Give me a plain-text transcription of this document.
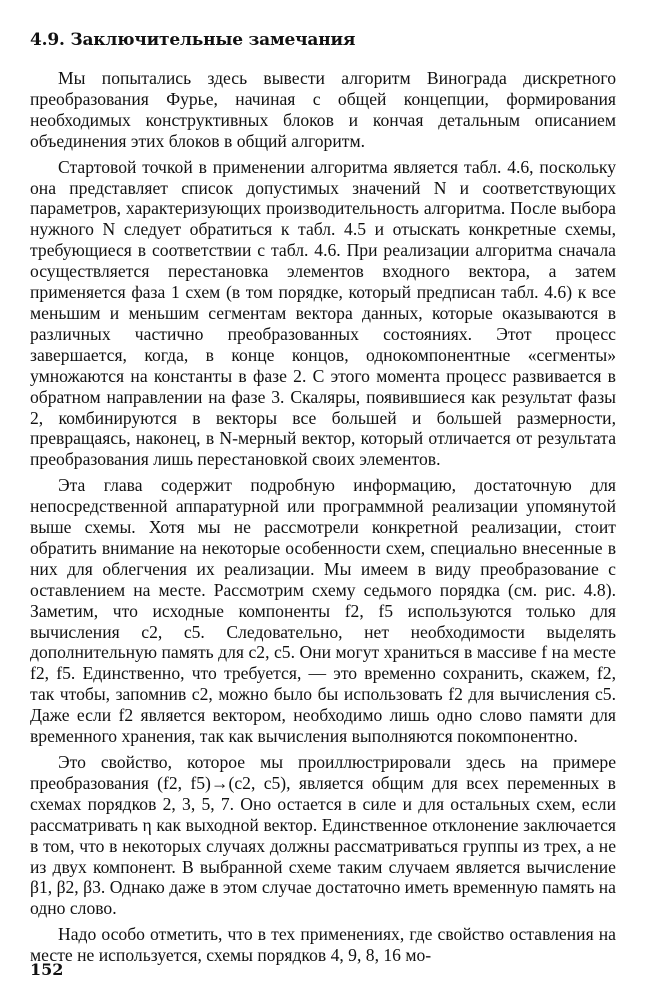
4.9. Заключительные замечания

Мы попытались здесь вывести алгоритм Винограда дискретного преобразования Фурье, начиная с общей концепции, формирования необходимых конструктивных блоков и кончая детальным описанием объединения этих блоков в общий алгоритм.

Стартовой точкой в применении алгоритма является табл. 4.6, поскольку она представляет список допустимых значений N и соответствующих параметров, характеризующих производительность алгоритма. После выбора нужного N следует обратиться к табл. 4.5 и отыскать конкретные схемы, требующиеся в соответствии с табл. 4.6. При реализации алгоритма сначала осуществляется перестановка элементов входного вектора, а затем применяется фаза 1 схем (в том порядке, который предписан табл. 4.6) к все меньшим и меньшим сегментам вектора данных, которые оказываются в различных частично преобразованных состояниях. Этот процесс завершается, когда, в конце концов, однокомпонентные «сегменты» умножаются на константы в фазе 2. С этого момента процесс развивается в обратном направлении на фазе 3. Скаляры, появившиеся как результат фазы 2, комбинируются в векторы все большей и большей размерности, превращаясь, наконец, в N-мерный вектор, который отличается от результата преобразования лишь перестановкой своих элементов.

Эта глава содержит подробную информацию, достаточную для непосредственной аппаратурной или программной реализации упомянутой выше схемы. Хотя мы не рассмотрели конкретной реализации, стоит обратить внимание на некоторые особенности схем, специально внесенные в них для облегчения их реализации. Мы имеем в виду преобразование с оставлением на месте. Рассмотрим схему седьмого порядка (см. рис. 4.8). Заметим, что исходные компоненты f2, f5 используются только для вычисления c2, c5. Следовательно, нет необходимости выделять дополнительную память для c2, c5. Они могут храниться в массиве f на месте f2, f5. Единственно, что требуется, — это временно сохранить, скажем, f2, так чтобы, запомнив c2, можно было бы использовать f2 для вычисления c5. Даже если f2 является вектором, необходимо лишь одно слово памяти для временного хранения, так как вычисления выполняются покомпонентно.

Это свойство, которое мы проиллюстрировали здесь на примере преобразования (f2, f5)→(c2, c5), является общим для всех переменных в схемах порядков 2, 3, 5, 7. Оно остается в силе и для остальных схем, если рассматривать η как выходной вектор. Единственное отклонение заключается в том, что в некоторых случаях должны рассматриваться группы из трех, а не из двух компонент. В выбранной схеме таким случаем является вычисление β1, β2, β3. Однако даже в этом случае достаточно иметь временную память на одно слово.

Надо особо отметить, что в тех применениях, где свойство оставления на месте не используется, схемы порядков 4, 9, 8, 16 мо-

152
